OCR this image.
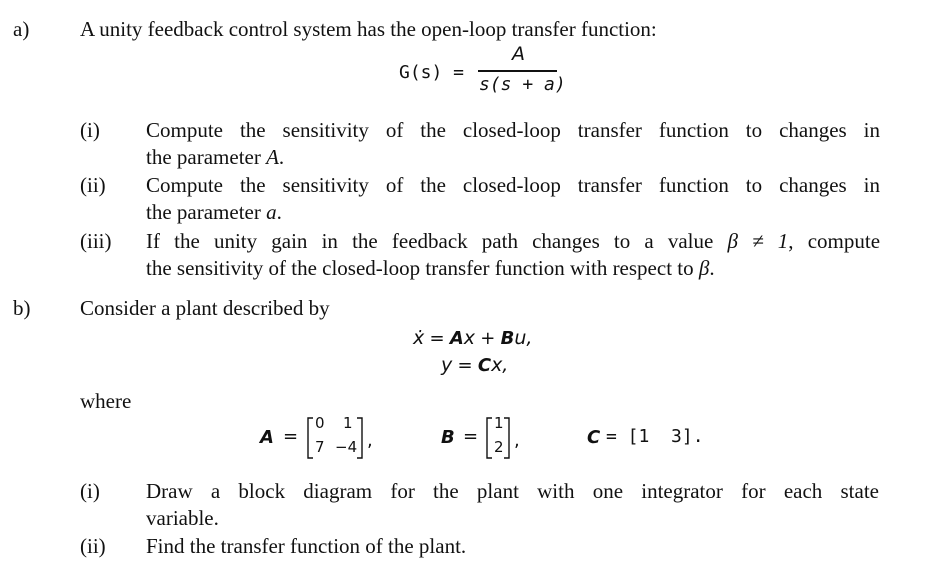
a) A unity feedback control system has the open-loop transfer function:
G(s) =
A
s(s + a)
(i) Compute the sensitivity of the closed-loop transfer function to changes in
the parameter A.
(ii) Compute the sensitivity of the closed-loop transfer function to changes in
the parameter a.
(iii) If the unity gain in the feedback path changes to a value β ≠ 1, compute
the sensitivity of the closed-loop transfer function with respect to β.
b) Consider a plant described by
ẋ = Ax + Bu,
y = Cx,
where
A =
0 1
7 −4 ,	B =
1
2 ,	C = [1  3].
(i) Draw a block diagram for the plant with one integrator for each state
variable.
(ii) Find the transfer function of the plant.
